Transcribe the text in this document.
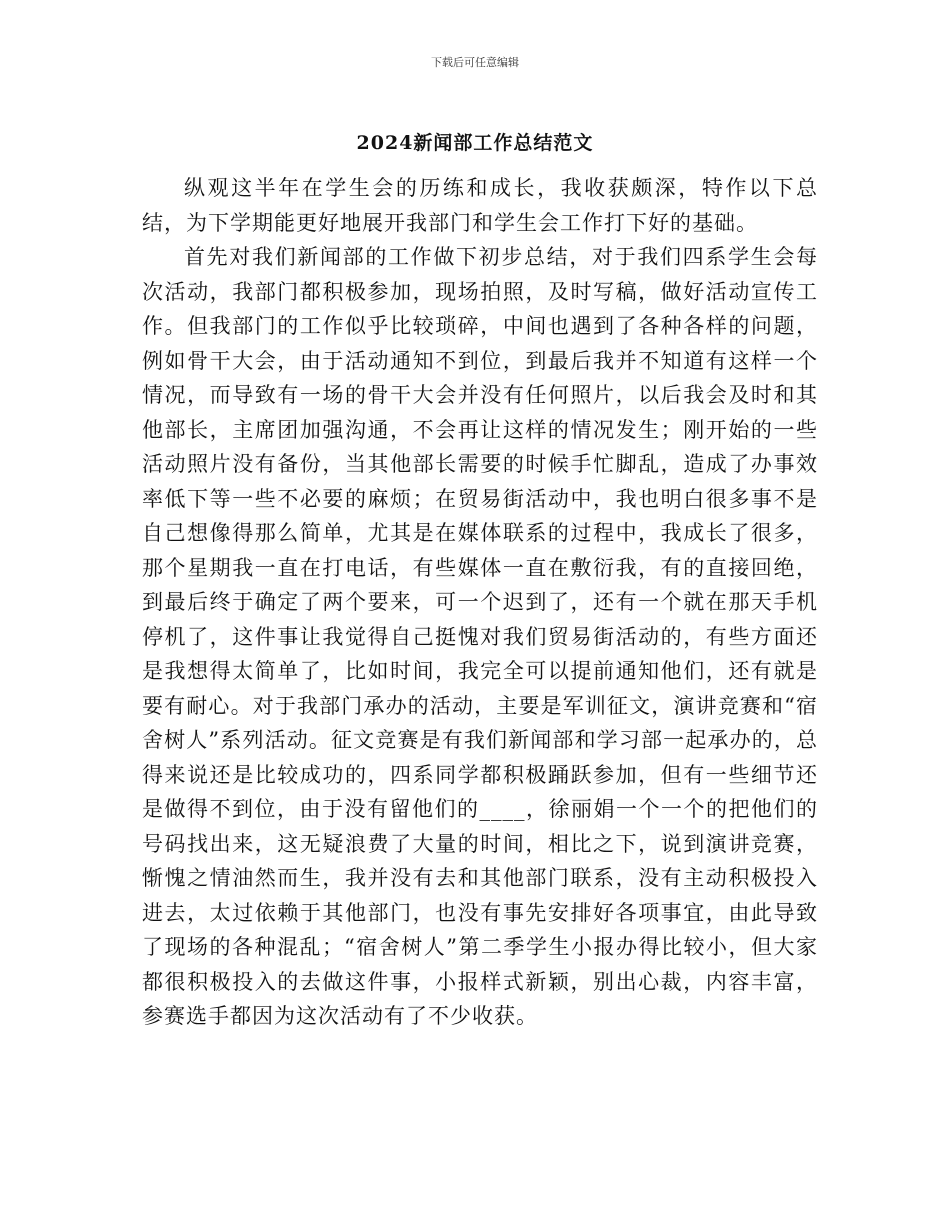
下载后可任意编辑
2024新闻部工作总结范文

纵观这半年在学生会的历练和成长，我收获颇深，特作以下总结，为下学期能更好地展开我部门和学生会工作打下好的基础。

首先对我们新闻部的工作做下初步总结，对于我们四系学生会每次活动，我部门都积极参加，现场拍照，及时写稿，做好活动宣传工作。但我部门的工作似乎比较琐碎，中间也遇到了各种各样的问题，例如骨干大会，由于活动通知不到位，到最后我并不知道有这样一个情况，而导致有一场的骨干大会并没有任何照片，以后我会及时和其他部长，主席团加强沟通，不会再让这样的情况发生；刚开始的一些活动照片没有备份，当其他部长需要的时候手忙脚乱，造成了办事效率低下等一些不必要的麻烦；在贸易街活动中，我也明白很多事不是自己想像得那么简单，尤其是在媒体联系的过程中，我成长了很多，那个星期我一直在打电话，有些媒体一直在敷衍我，有的直接回绝，到最后终于确定了两个要来，可一个迟到了，还有一个就在那天手机停机了，这件事让我觉得自己挺愧对我们贸易街活动的，有些方面还是我想得太简单了，比如时间，我完全可以提前通知他们，还有就是要有耐心。对于我部门承办的活动，主要是军训征文，演讲竞赛和“宿舍树人”系列活动。征文竞赛是有我们新闻部和学习部一起承办的，总得来说还是比较成功的，四系同学都积极踊跃参加，但有一些细节还是做得不到位，由于没有留他们的____，徐丽娟一个一个的把他们的号码找出来，这无疑浪费了大量的时间，相比之下，说到演讲竞赛，惭愧之情油然而生，我并没有去和其他部门联系，没有主动积极投入进去，太过依赖于其他部门，也没有事先安排好各项事宜，由此导致了现场的各种混乱；“宿舍树人”第二季学生小报办得比较小，但大家都很积极投入的去做这件事，小报样式新颖，别出心裁，内容丰富，参赛选手都因为这次活动有了不少收获。
